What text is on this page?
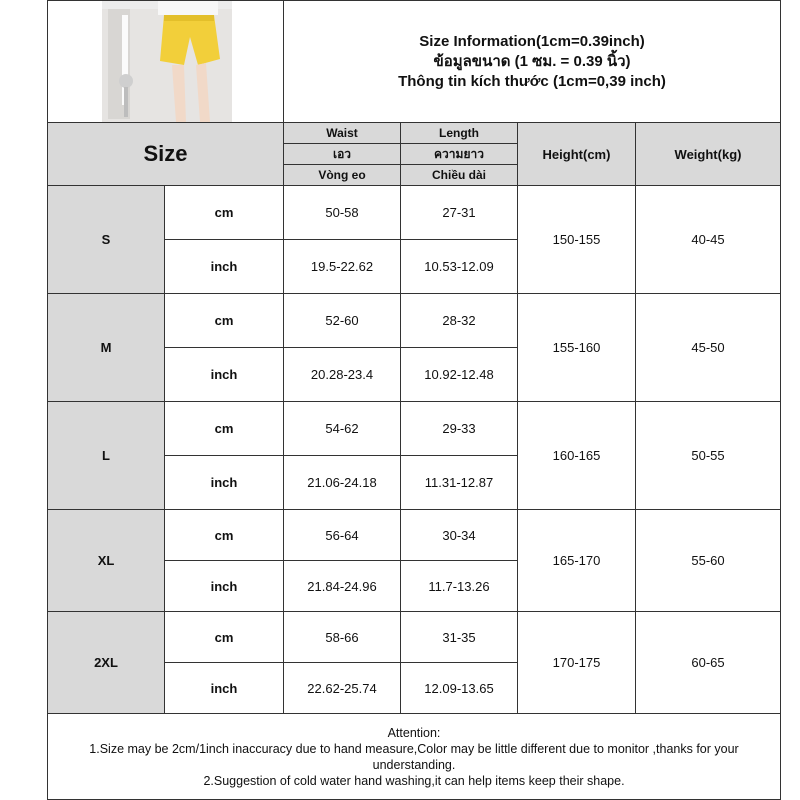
Size Information(1cm=0.39inch)
ข้อมูลขนาด (1 ซม. = 0.39 นิ้ว)
Thông tin kích thước (1cm=0,39 inch)			

Size		Waist	Length	Height(cm)	Weight(kg)
		เอว	ความยาว		
		Vòng eo	Chiều dài		
S	cm	50-58	27-31	150-155	40-45
	inch	19.5-22.62	10.53-12.09		
M	cm	52-60	28-32	155-160	45-50
	inch	20.28-23.4	10.92-12.48		
L	cm	54-62	29-33	160-165	50-55
	inch	21.06-24.18	11.31-12.87		
XL	cm	56-64	30-34	165-170	55-60
	inch	21.84-24.96	11.7-13.26		
2XL	cm	58-66	31-35	170-175	60-65
	inch	22.62-25.74	12.09-13.65		

Attention:
1.Size may be 2cm/1inch inaccuracy due to hand measure,Color may be little different due to monitor ,thanks for your understanding.
2.Suggestion of cold water hand washing,it can help items keep their shape.					
